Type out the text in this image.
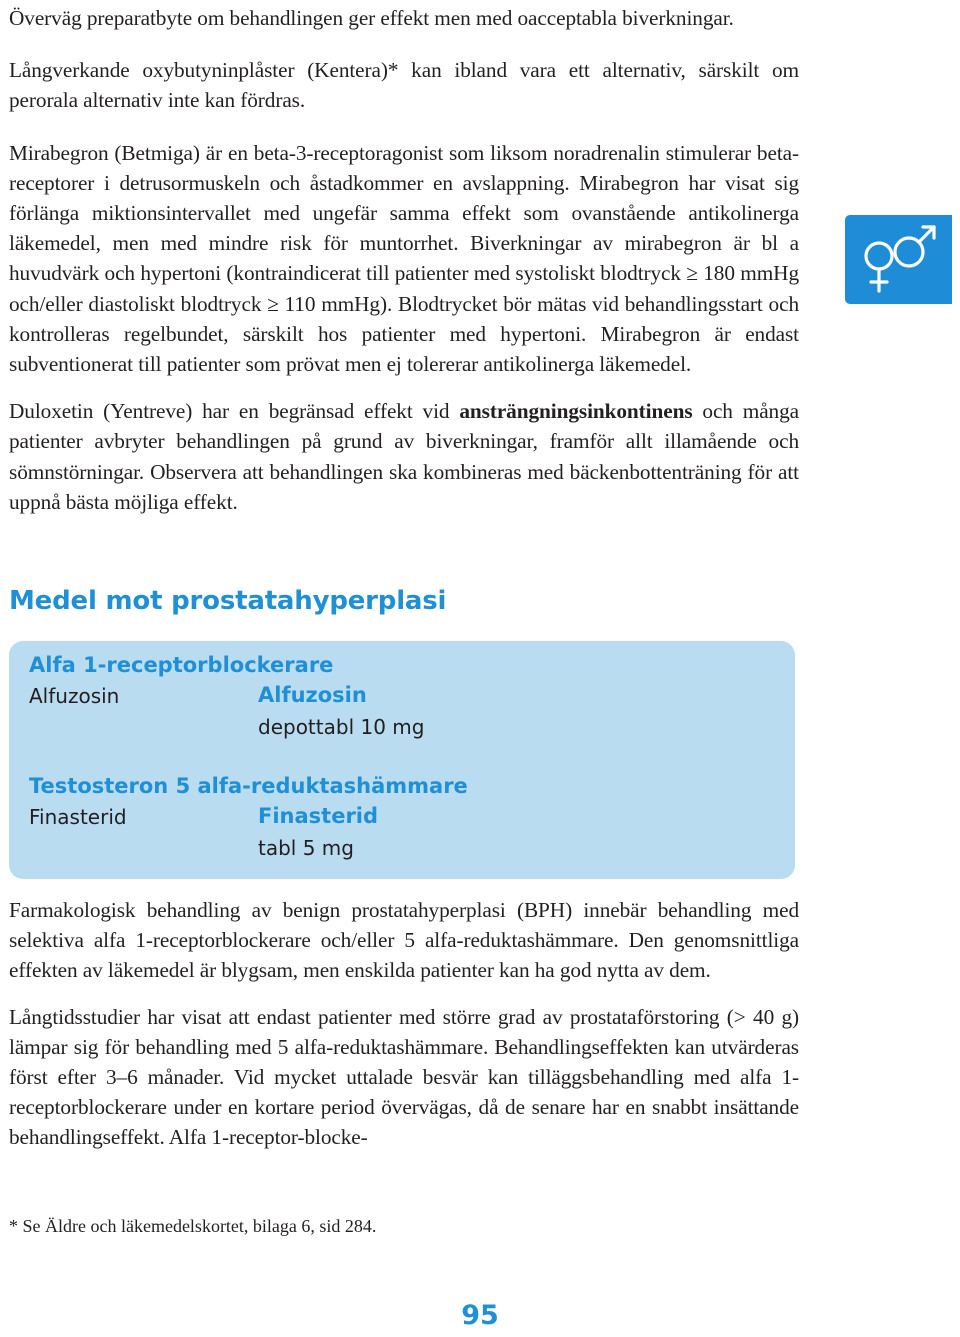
Överväg preparatbyte om behandlingen ger effekt men med oacceptabla biverkningar.

Långverkande oxybutyninplåster (Kentera)* kan ibland vara ett alternativ, särskilt om perorala alternativ inte kan fördras.

Mirabegron (Betmiga) är en beta-3-receptoragonist som liksom noradrenalin stimulerar beta-receptorer i detrusormuskeln och åstadkommer en avslappning. Mirabegron har visat sig förlänga miktionsintervallet med ungefär samma effekt som ovanstående antikolinerga läkemedel, men med mindre risk för muntorrhet. Biverkningar av mirabegron är bl a huvudvärk och hypertoni (kontraindicerat till patienter med systoliskt blodtryck ≥ 180 mmHg och/eller diastoliskt blodtryck ≥ 110 mmHg). Blodtrycket bör mätas vid behandlingsstart och kontrolleras regelbundet, särskilt hos patienter med hypertoni. Mirabegron är endast subventionerat till patienter som prövat men ej tolererar antikolinerga läkemedel.

Duloxetin (Yentreve) har en begränsad effekt vid ansträngningsinkontinens och många patienter avbryter behandlingen på grund av biverkningar, framför allt illamående och sömnstörningar. Observera att behandlingen ska kombineras med bäckenbottenträning för att uppnå bästa möjliga effekt.

Medel mot prostatahyperplasi
Alfa 1-receptorblockerare
Alfuzosin	Alfuzosin
depottabl 10 mg
Testosteron 5 alfa-reduktashämmare
Finasterid	Finasterid
tabl 5 mg

Farmakologisk behandling av benign prostatahyperplasi (BPH) innebär behandling med selektiva alfa 1-receptorblockerare och/eller 5 alfa-reduktashämmare. Den genomsnittliga effekten av läkemedel är blygsam, men enskilda patienter kan ha god nytta av dem.

Långtidsstudier har visat att endast patienter med större grad av prostataförstoring (> 40 g) lämpar sig för behandling med 5 alfa-reduktashämmare. Behandlingseffekten kan utvärderas först efter 3–6 månader. Vid mycket uttalade besvär kan tilläggsbehandling med alfa 1-receptorblockerare under en kortare period övervägas, då de senare har en snabbt insättande behandlingseffekt. Alfa 1-receptor-blocke-

* Se Äldre och läkemedelskortet, bilaga 6, sid 284.

95
